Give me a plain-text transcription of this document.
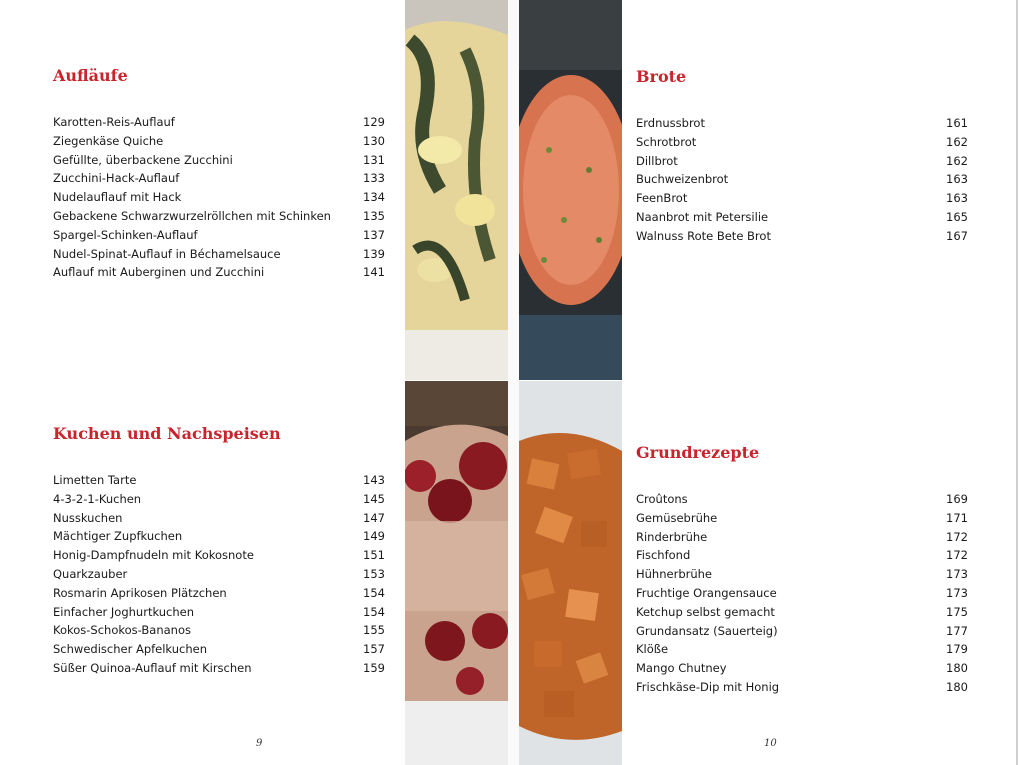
Aufläufe
Karotten-Reis-Auflauf	129
Ziegenkäse Quiche	130
Gefüllte, überbackene Zucchini	131
Zucchini-Hack-Auflauf	133
Nudelauflauf mit Hack	134
Gebackene Schwarzwurzelröllchen mit Schinken	135
Spargel-Schinken-Auflauf	137
Nudel-Spinat-Auflauf in Béchamelsauce	139
Auflauf mit Auberginen und Zucchini	141
Kuchen und Nachspeisen
Limetten Tarte	143
4-3-2-1-Kuchen	145
Nusskuchen	147
Mächtiger Zupfkuchen	149
Honig-Dampfnudeln mit Kokosnote	151
Quarkzauber	153
Rosmarin Aprikosen Plätzchen	154
Einfacher Joghurtkuchen	154
Kokos-Schokos-Bananos	155
Schwedischer Apfelkuchen	157
Süßer Quinoa-Auflauf mit Kirschen	159
Brote
Erdnussbrot	161
Schrotbrot	162
Dillbrot	162
Buchweizenbrot	163
FeenBrot	163
Naanbrot mit Petersilie	165
Walnuss Rote Bete Brot	167
Grundrezepte
Croûtons	169
Gemüsebrühe	171
Rinderbrühe	172
Fischfond	172
Hühnerbrühe	173
Fruchtige Orangensauce	173
Ketchup selbst gemacht	175
Grundansatz (Sauerteig)	177
Klöße	179
Mango Chutney	180
Frischkäse-Dip mit Honig	180
9	10
